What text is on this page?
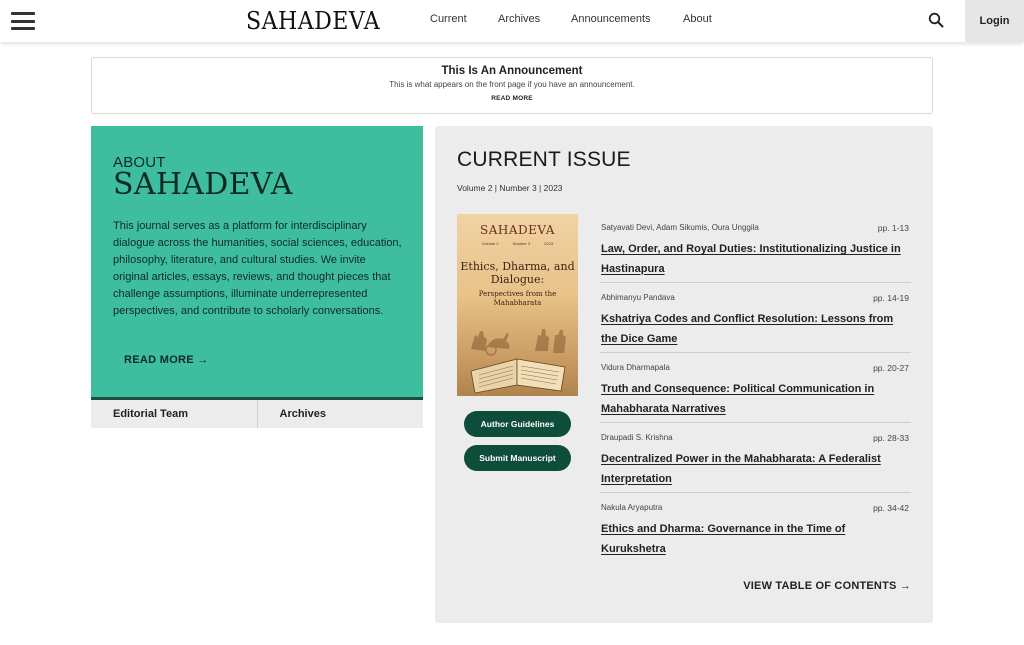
SAHADEVA	Current	Archives	Announcements	About	Login
This Is An Announcement
This is what appears on the front page if you have an announcement.
READ MORE
ABOUT
SAHADEVA
This journal serves as a platform for interdisciplinary dialogue across the humanities, social sciences, education, philosophy, literature, and cultural studies. We invite original articles, essays, reviews, and thought pieces that challenge assumptions, illuminate underrepresented perspectives, and contribute to scholarly conversations.
READ MORE →
Editorial Team	Archives
CURRENT ISSUE
Volume 2 | Number 3 | 2023
SAHADEVA
Volume 2	Number 3	2023
Ethics, Dharma, and Dialogue:
Perspectives from the Mahabharata
Author Guidelines
Submit Manuscript
Satyavati Devi, Adam Sikumis, Oura Unggila	pp. 1-13
Law, Order, and Royal Duties: Institutionalizing Justice in Hastinapura
Abhimanyu Pandava	pp. 14-19
Kshatriya Codes and Conflict Resolution: Lessons from the Dice Game
Vidura Dharmapala	pp. 20-27
Truth and Consequence: Political Communication in Mahabharata Narratives
Draupadi S. Krishna	pp. 28-33
Decentralized Power in the Mahabharata: A Federalist Interpretation
Nakula Aryaputra	pp. 34-42
Ethics and Dharma: Governance in the Time of Kurukshetra
VIEW TABLE OF CONTENTS →
